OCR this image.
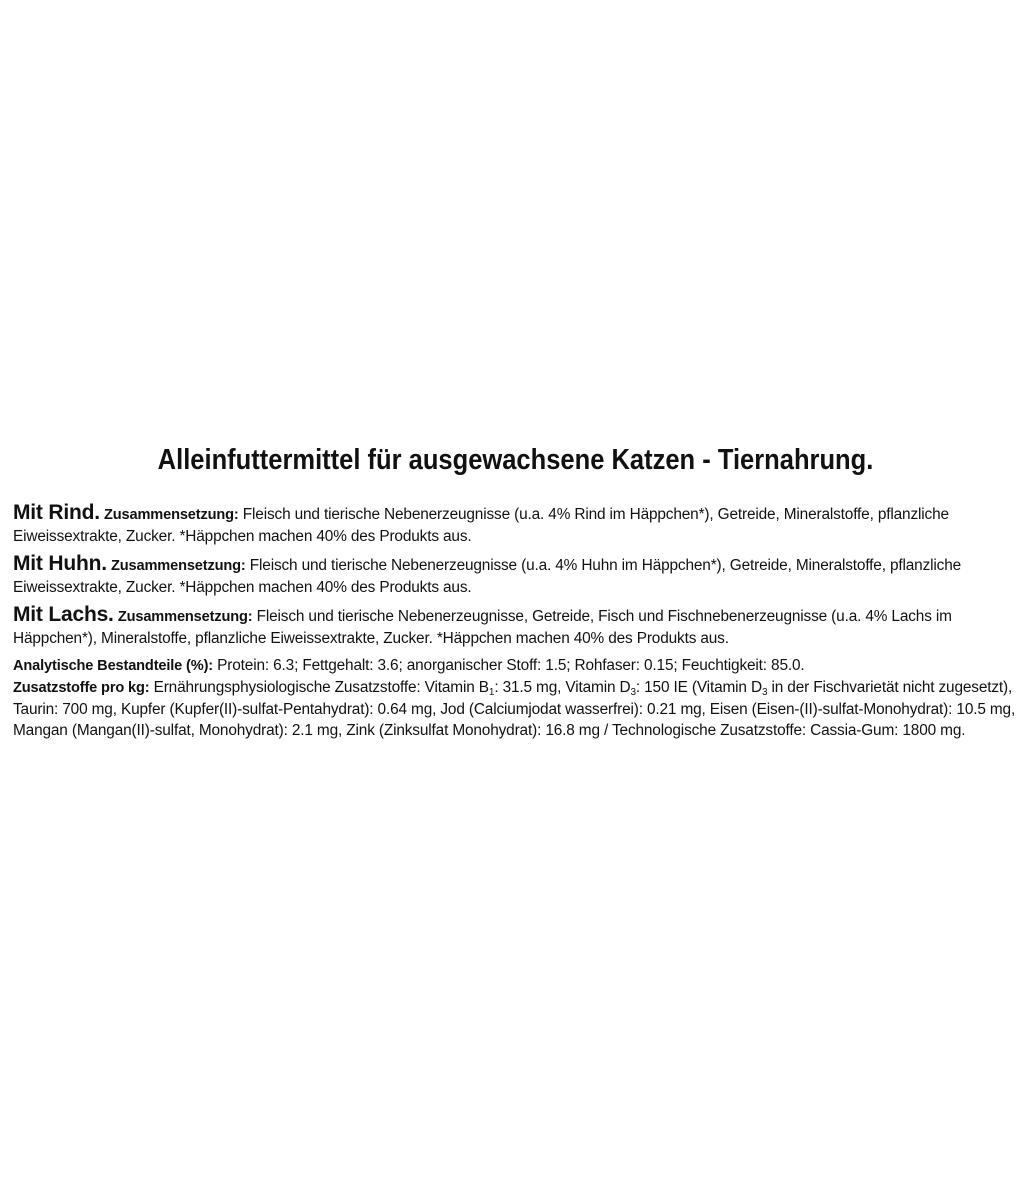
Alleinfuttermittel für ausgewachsene Katzen - Tiernahrung.

Mit Rind. Zusammensetzung: Fleisch und tierische Nebenerzeugnisse (u.a. 4% Rind im Häppchen*), Getreide, Mineralstoffe, pflanzliche Eiweissextrakte, Zucker. *Häppchen machen 40% des Produkts aus.

Mit Huhn. Zusammensetzung: Fleisch und tierische Nebenerzeugnisse (u.a. 4% Huhn im Häppchen*), Getreide, Mineralstoffe, pflanzliche Eiweissextrakte, Zucker. *Häppchen machen 40% des Produkts aus.

Mit Lachs. Zusammensetzung: Fleisch und tierische Nebenerzeugnisse, Getreide, Fisch und Fischnebenerzeugnisse (u.a. 4% Lachs im Häppchen*), Mineralstoffe, pflanzliche Eiweissextrakte, Zucker. *Häppchen machen 40% des Produkts aus.

Analytische Bestandteile (%): Protein: 6.3; Fettgehalt: 3.6; anorganischer Stoff: 1.5; Rohfaser: 0.15; Feuchtigkeit: 85.0.
Zusatzstoffe pro kg: Ernährungsphysiologische Zusatzstoffe: Vitamin $B_1$: 31.5 mg, Vitamin $D_3$: 150 IE (Vitamin $D_3$ in der Fischvarietät nicht zugesetzt), Taurin: 700 mg, Kupfer (Kupfer(II)-sulfat-Pentahydrat): 0.64 mg, Jod (Calciumjodat wasserfrei): 0.21 mg, Eisen (Eisen-(II)-sulfat-Monohydrat): 10.5 mg, Mangan (Mangan(II)-sulfat, Monohydrat): 2.1 mg, Zink (Zinksulfat Monohydrat): 16.8 mg / Technologische Zusatzstoffe: Cassia-Gum: 1800 mg.
